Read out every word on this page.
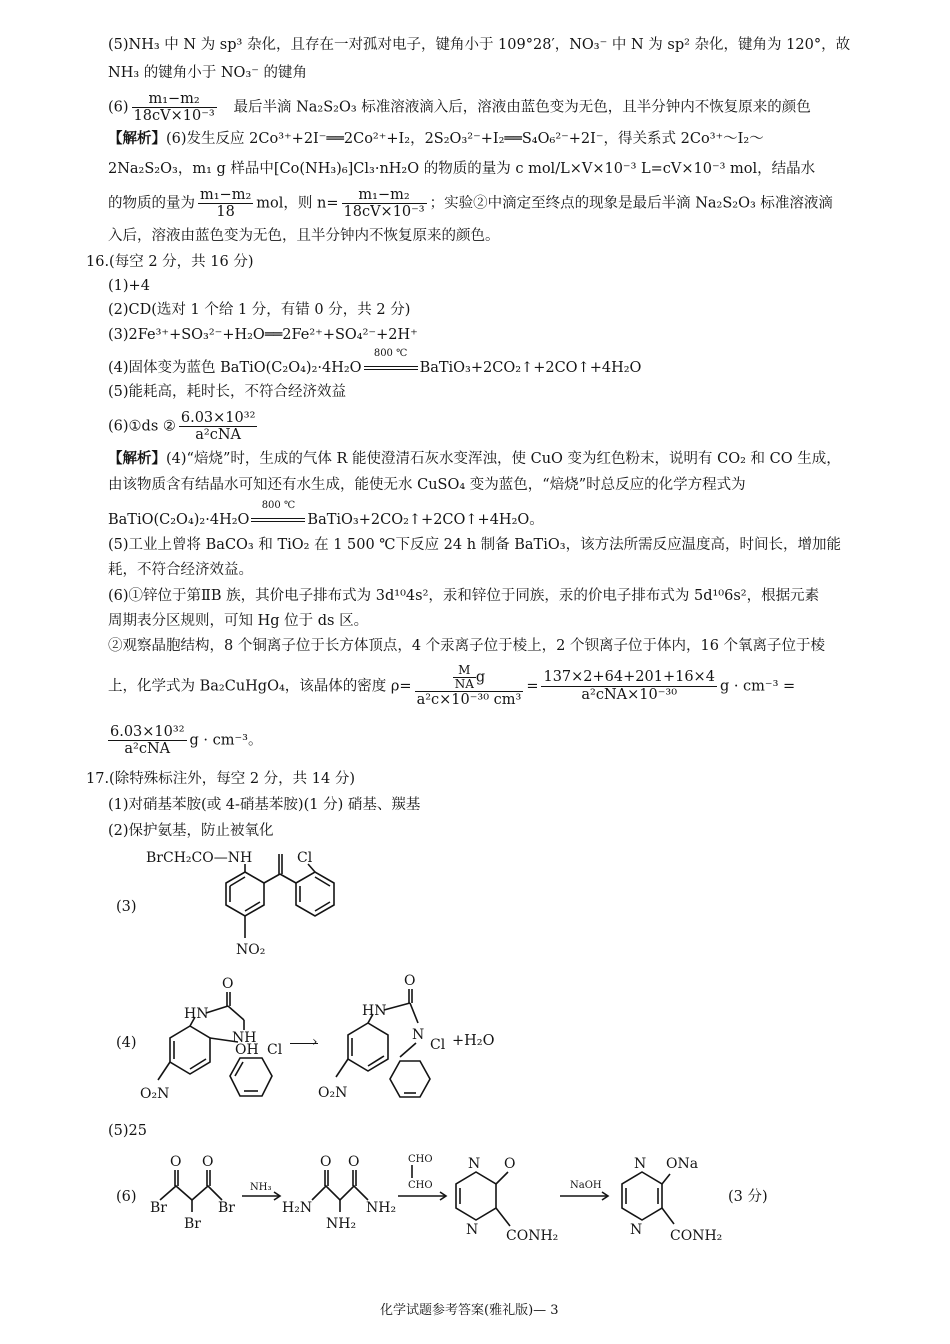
(5)NH₃ 中 N 为 sp³ 杂化，且存在一对孤对电子，键角小于 109°28′，NO₃⁻ 中 N 为 sp² 杂化，键角为 120°，故
NH₃ 的键角小于 NO₃⁻ 的键角
$(6) \frac{\text{m₁−m₂}}{\text{18cV×10⁻³}}$ 最后半滴 Na₂S₂O₃ 标准溶液滴入后，溶液由蓝色变为无色，且半分钟内不恢复原来的颜色
【解析】(6)发生反应 2Co³⁺+2I⁻══2Co²⁺+I₂，2S₂O₃²⁻+I₂══S₄O₆²⁻+2I⁻，得关系式 2Co³⁺～I₂～
2Na₂S₂O₃，m₁ g 样品中[Co(NH₃)₆]Cl₃·nH₂O 的物质的量为 c mol/L×V×10⁻³ L=cV×10⁻³ mol，结晶水
的物质的量为 $\frac{\text{m₁−m₂}}{18}$ mol，则 $n= \frac{\text{m₁−m₂}}{\text{18cV×10⁻³}}$ ；实验②中滴定至终点的现象是最后半滴 Na₂S₂O₃ 标准溶液滴
入后，溶液由蓝色变为无色，且半分钟内不恢复原来的颜色。
16.(每空 2 分，共 16 分)
(1)+4
(2)CD(选对 1 个给 1 分，有错 0 分，共 2 分)
(3)2Fe³⁺+SO₃²⁻+H₂O══2Fe²⁺+SO₄²⁻+2H⁺
(4)固体变为蓝色 BaTiO(C₂O₄)₂·4H₂O
800 ℃
BaTiO₃+2CO₂↑+2CO↑+4H₂O
(5)能耗高，耗时长，不符合经济效益
(6)①ds ② $\frac{\text{6.03×10³²}}{\text{a²cNA}}$
【解析】(4)“焙烧”时，生成的气体 R 能使澄清石灰水变浑浊，使 CuO 变为红色粉末，说明有 CO₂ 和 CO 生成，
由该物质含有结晶水可知还有水生成，能使无水 CuSO₄ 变为蓝色，“焙烧”时总反应的化学方程式为
BaTiO(C₂O₄)₂·4H₂O
800 ℃
BaTiO₃+2CO₂↑+2CO↑+4H₂O。
(5)工业上曾将 BaCO₃ 和 TiO₂ 在 1 500 ℃下反应 24 h 制备 BaTiO₃，该方法所需反应温度高，时间长，增加能
耗，不符合经济效益。
(6)①锌位于第ⅡB 族，其价电子排布式为 3d¹⁰4s²，汞和锌位于同族，汞的价电子排布式为 5d¹⁰6s²，根据元素
周期表分区规则，可知 Hg 位于 ds 区。
②观察晶胞结构，8 个铜离子位于长方体顶点，4 个汞离子位于棱上，2 个钡离子位于体内，16 个氧离子位于棱
上，化学式为 Ba₂CuHgO₄，该晶体的密度 $\rho= \frac{\frac{M}{NA} g}{\text{a²c×10⁻³⁰ cm³}} = \frac{137\times 2+64+201+16\times 4}{\text{a²cNA×10⁻³⁰}}$ g · cm⁻³ =
$\frac{\text{6.03×10³²}}{\text{a²cNA}}$ g · cm⁻³。
17.(除特殊标注外，每空 2 分，共 14 分)
(1)对硝基苯胺(或 4-硝基苯胺)(1 分) 硝基、羰基
(2)保护氨基，防止被氧化
(3)
BrCH₂CO—NH	Cl
NO₂
(4)
O
HN
NH
OH Cl
O₂N
›
O
HN
N
Cl
O₂N
+H₂O
(5)25
(6)
O O
Br	Br
Br
NH₃
O O
H₂N	NH₂
NH₂
CHO
CHO
N O
N CONH₂
NaOH
N ONa
N CONH₂
(3 分)
化学试题参考答案(雅礼版)— 3
